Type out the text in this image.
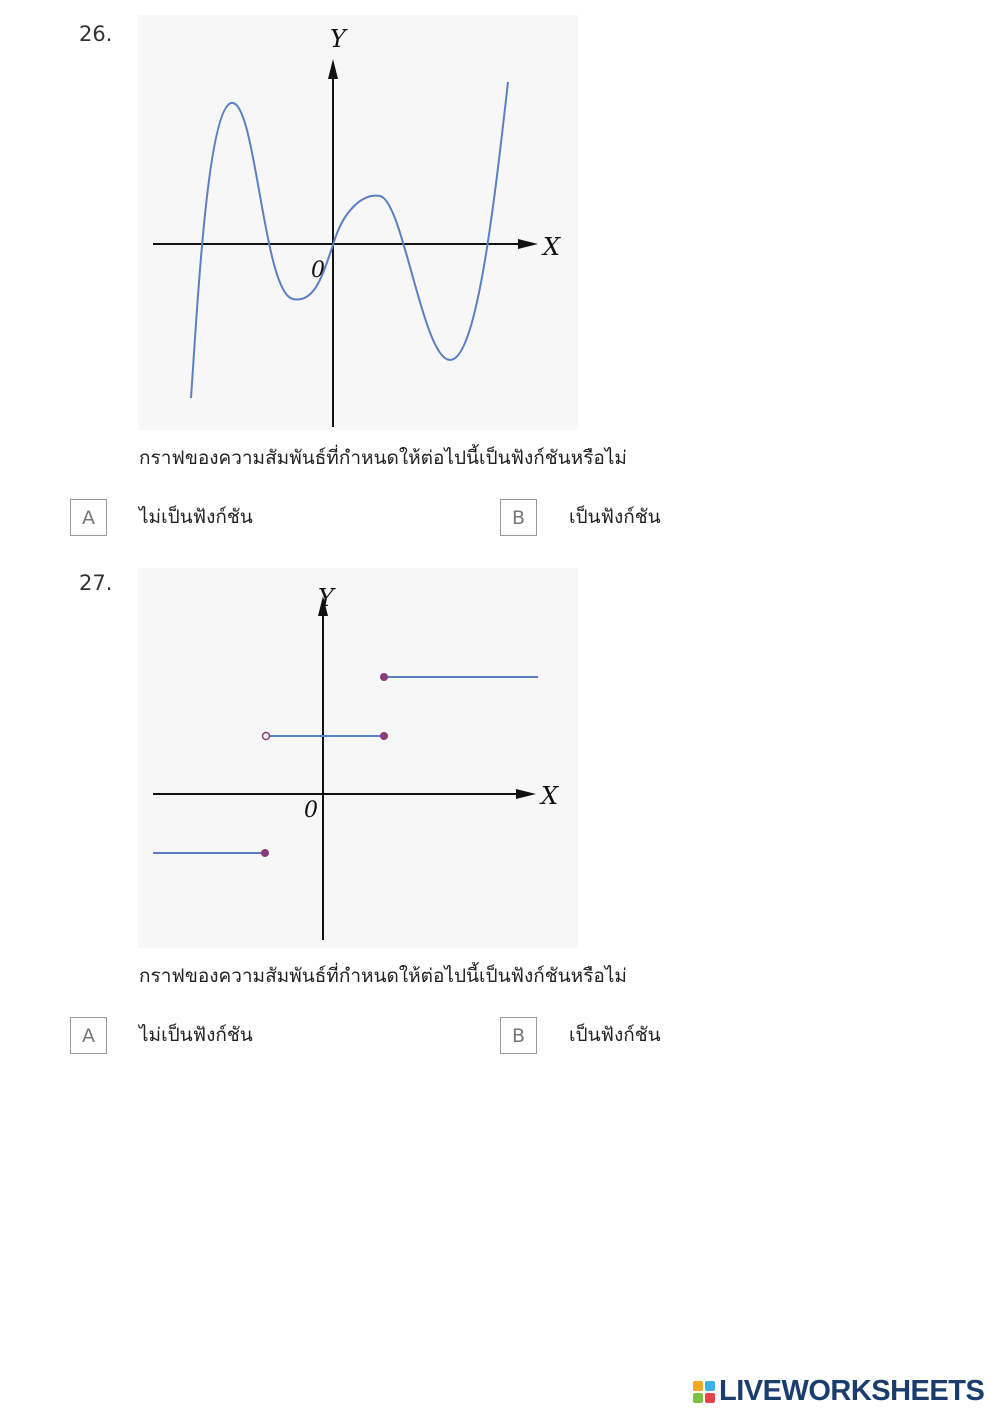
26.	Y
X
0
กราฟของความสัมพันธ์ที่กำหนดให้ต่อไปนี้เป็นฟังก์ชันหรือไม่
A	ไม่เป็นฟังก์ชัน	B	เป็นฟังก์ชัน
27.
Y
X
0
กราฟของความสัมพันธ์ที่กำหนดให้ต่อไปนี้เป็นฟังก์ชันหรือไม่
A	ไม่เป็นฟังก์ชัน	B	เป็นฟังก์ชัน
LIVEWORKSHEETS
